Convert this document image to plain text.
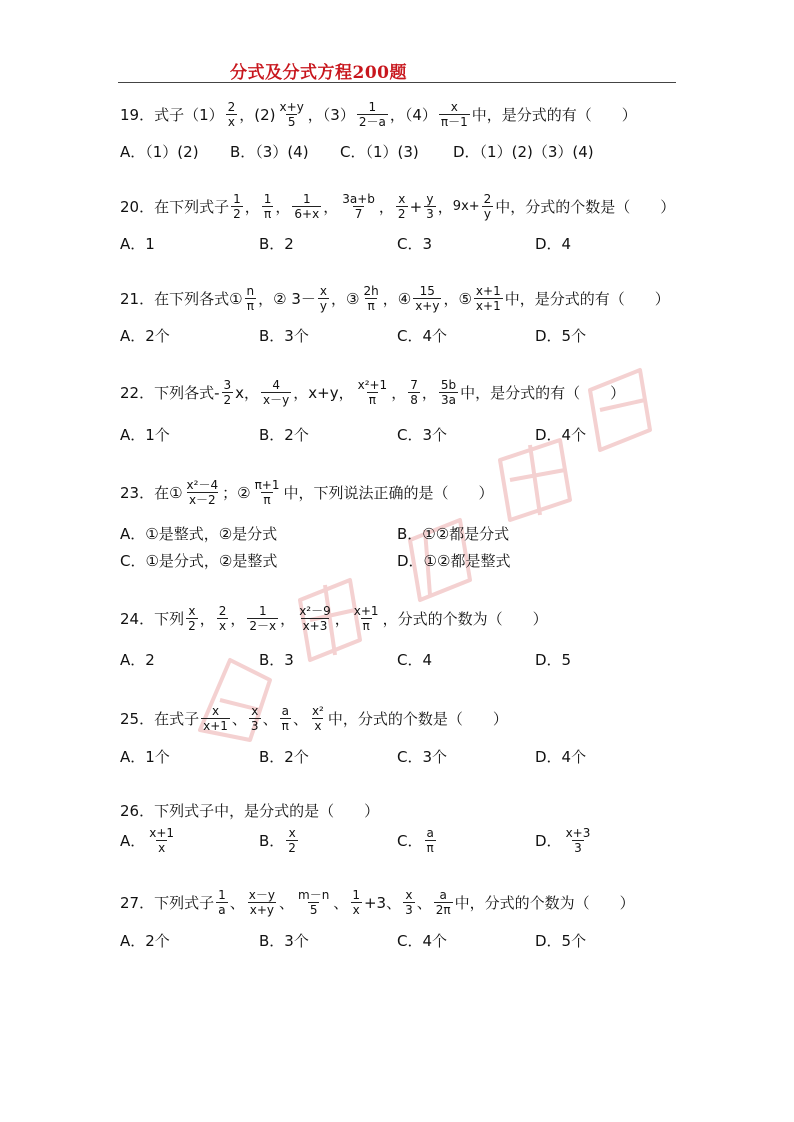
分式及分式方程200题
19． 式子$(1) \frac{2}{x}$ ，$(2) \frac{x+y}{5}$ ，$(3) \frac{1}{2-a}$ ，$(4) \frac{x}{\pi-1}$ 中，是分式的有（　　）
A．（1）(2) B．（3）(4) C．（1）(3) D．（1）(2)（3）(4)
20． 在下列式子 $\frac{1}{2}$ ， $\frac{1}{\pi}$ ， $\frac{1}{6+x}$ ， $\frac{3a+b}{7}$ ， $\frac{x}{2} + \frac{y}{3}$ ， $9x+ \frac{2}{y}$ 中，分式的个数是（　　）
A．1	B．2	C．3	D．4
21． 在下列各式① $\frac{n}{\pi}$ ，② $3- \frac{x}{y}$ ，③ $\frac{2h}{\pi}$ ，④ $\frac{15}{x+y}$ ，⑤ $\frac{x+1}{x+1}$ 中，是分式的有（　　）
A．2个	B．3个	C．4个	D．5个
22． 下列各式- $\frac{3}{2}$ x， $\frac{4}{x-y}$ ，x+y， $\frac{\text{x²+1}}{\pi}$ ， $\frac{7}{8}$ ， $\frac{5b}{3a}$ 中，是分式的有（　　）
A．1个	B．2个	C．3个	D．4个
23． 在① $\frac{\text{x²－4}}{x-2}$ ；② $\frac{\pi+1}{\pi}$ 中，下列说法正确的是（　　）
A．①是整式，②是分式	B．①②都是分式
C．①是分式，②是整式	D．①②都是整式
24． 下列 $\frac{x}{2}$ ， $\frac{2}{x}$ ， $\frac{1}{2-x}$ ， $\frac{\text{x²－9}}{x+3}$ ， $\frac{x+1}{\pi}$ ，分式的个数为（　　）
A．2	B．3	C．4	D．5
25． 在式子 $\frac{x}{x+1}$ 、 $\frac{x}{3}$ 、 $\frac{a}{\pi}$ 、 $\frac{\text{x²}}{x}$ 中，分式的个数是（　　）
A．1个	B．2个	C．3个	D．4个
26． 下列式子中，是分式的是（　　）
A． $\frac{x+1}{x}$	B． $\frac{x}{2}$	C． $\frac{a}{\pi}$	D． $\frac{x+3}{3}$
27． 下列式子 $\frac{1}{a}$ 、 $\frac{x-y}{x+y}$ 、 $\frac{m-n}{5}$ 、 $\frac{1}{x} +3$、 $\frac{x}{3}$ 、 $\frac{a}{2\pi}$ 中，分式的个数为（　　）
A．2个	B．3个	C．4个	D．5个
